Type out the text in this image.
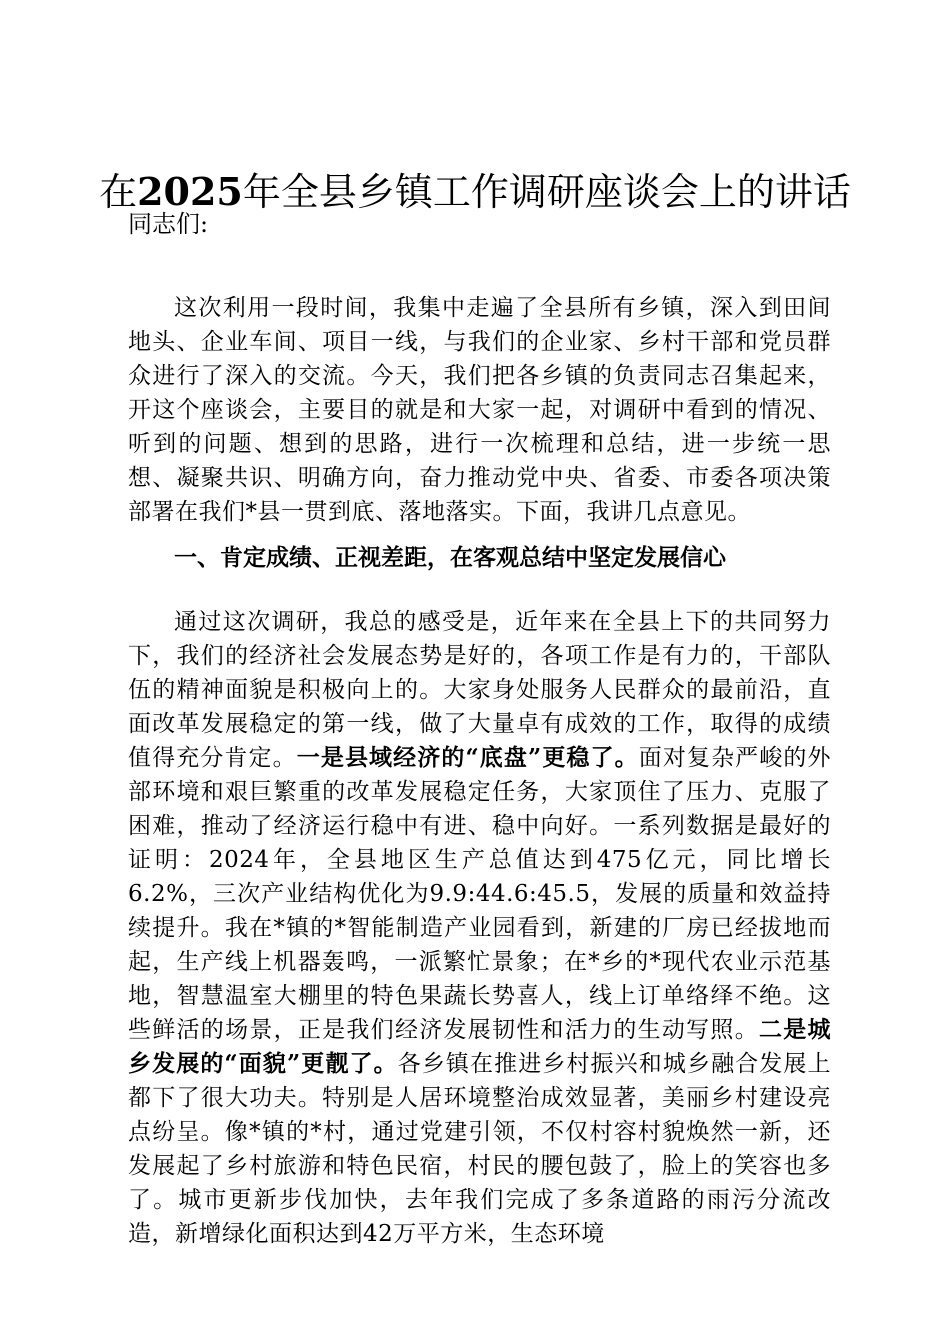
在2025年全县乡镇工作调研座谈会上的讲话

同志们:

这次利用一段时间，我集中走遍了全县所有乡镇，深入到田间地头、企业车间、项目一线，与我们的企业家、乡村干部和党员群众进行了深入的交流。今天，我们把各乡镇的负责同志召集起来，开这个座谈会，主要目的就是和大家一起，对调研中看到的情况、听到的问题、想到的思路，进行一次梳理和总结，进一步统一思想、凝聚共识、明确方向，奋力推动党中央、省委、市委各项决策部署在我们*县一贯到底、落地落实。下面，我讲几点意见。

一、肯定成绩、正视差距，在客观总结中坚定发展信心

通过这次调研，我总的感受是，近年来在全县上下的共同努力下，我们的经济社会发展态势是好的，各项工作是有力的，干部队伍的精神面貌是积极向上的。大家身处服务人民群众的最前沿，直面改革发展稳定的第一线，做了大量卓有成效的工作，取得的成绩值得充分肯定。一是县域经济的“底盘”更稳了。面对复杂严峻的外部环境和艰巨繁重的改革发展稳定任务，大家顶住了压力、克服了困难，推动了经济运行稳中有进、稳中向好。一系列数据是最好的证明：2024年，全县地区生产总值达到475亿元，同比增长6.2%，三次产业结构优化为9.9:44.6:45.5，发展的质量和效益持续提升。我在*镇的*智能制造产业园看到，新建的厂房已经拔地而起，生产线上机器轰鸣，一派繁忙景象；在*乡的*现代农业示范基地，智慧温室大棚里的特色果蔬长势喜人，线上订单络绎不绝。这些鲜活的场景，正是我们经济发展韧性和活力的生动写照。二是城乡发展的“面貌”更靓了。各乡镇在推进乡村振兴和城乡融合发展上都下了很大功夫。特别是人居环境整治成效显著，美丽乡村建设亮点纷呈。像*镇的*村，通过党建引领，不仅村容村貌焕然一新，还发展起了乡村旅游和特色民宿，村民的腰包鼓了，脸上的笑容也多了。城市更新步伐加快，去年我们完成了多条道路的雨污分流改造，新增绿化面积达到42万平方米，生态环境
